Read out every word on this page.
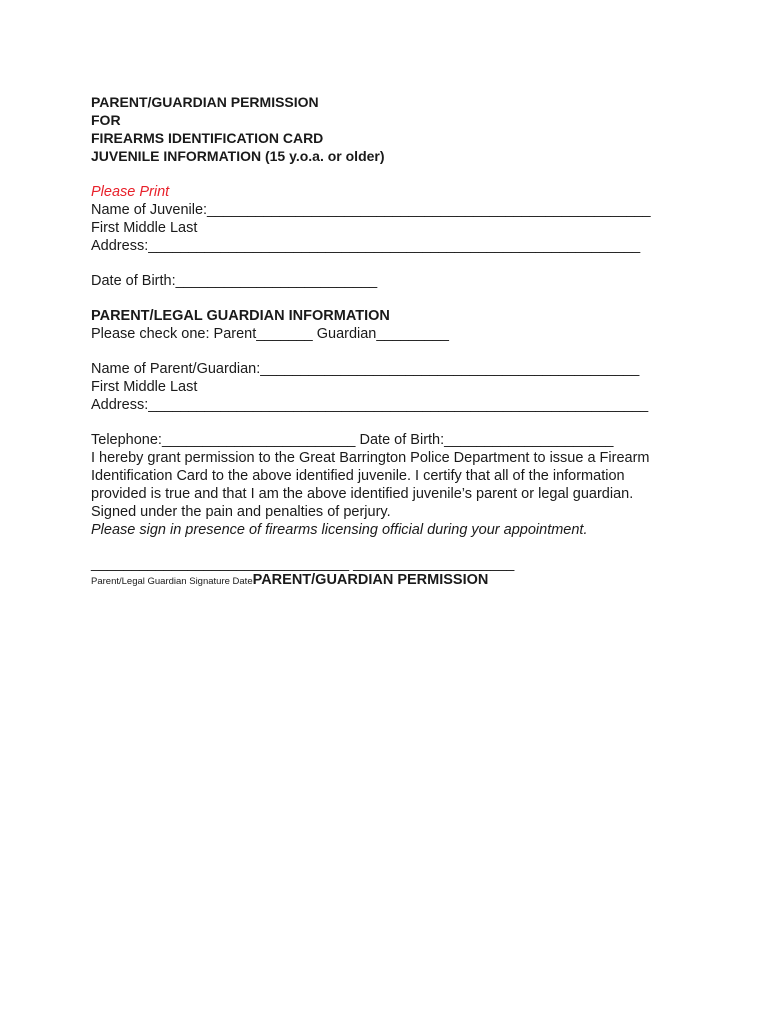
PARENT/GUARDIAN PERMISSION
FOR
FIREARMS IDENTIFICATION CARD
JUVENILE INFORMATION (15 y.o.a. or older)
Please Print
Name of Juvenile:_______________________________________________________
First Middle Last
Address:_____________________________________________________________
Date of Birth:_________________________
PARENT/LEGAL GUARDIAN INFORMATION
Please check one: Parent_______ Guardian_________
Name of Parent/Guardian:_______________________________________________
First Middle Last
Address:______________________________________________________________
Telephone:________________________ Date of Birth:_____________________
I hereby grant permission to the Great Barrington Police Department to issue a Firearm Identification Card to the above identified juvenile. I certify that all of the information provided is true and that I am the above identified juvenile’s parent or legal guardian. Signed under the pain and penalties of perjury.
Please sign in presence of firearms licensing official during your appointment.
________________________________ ____________________
Parent/Legal Guardian Signature DatePARENT/GUARDIAN PERMISSION
